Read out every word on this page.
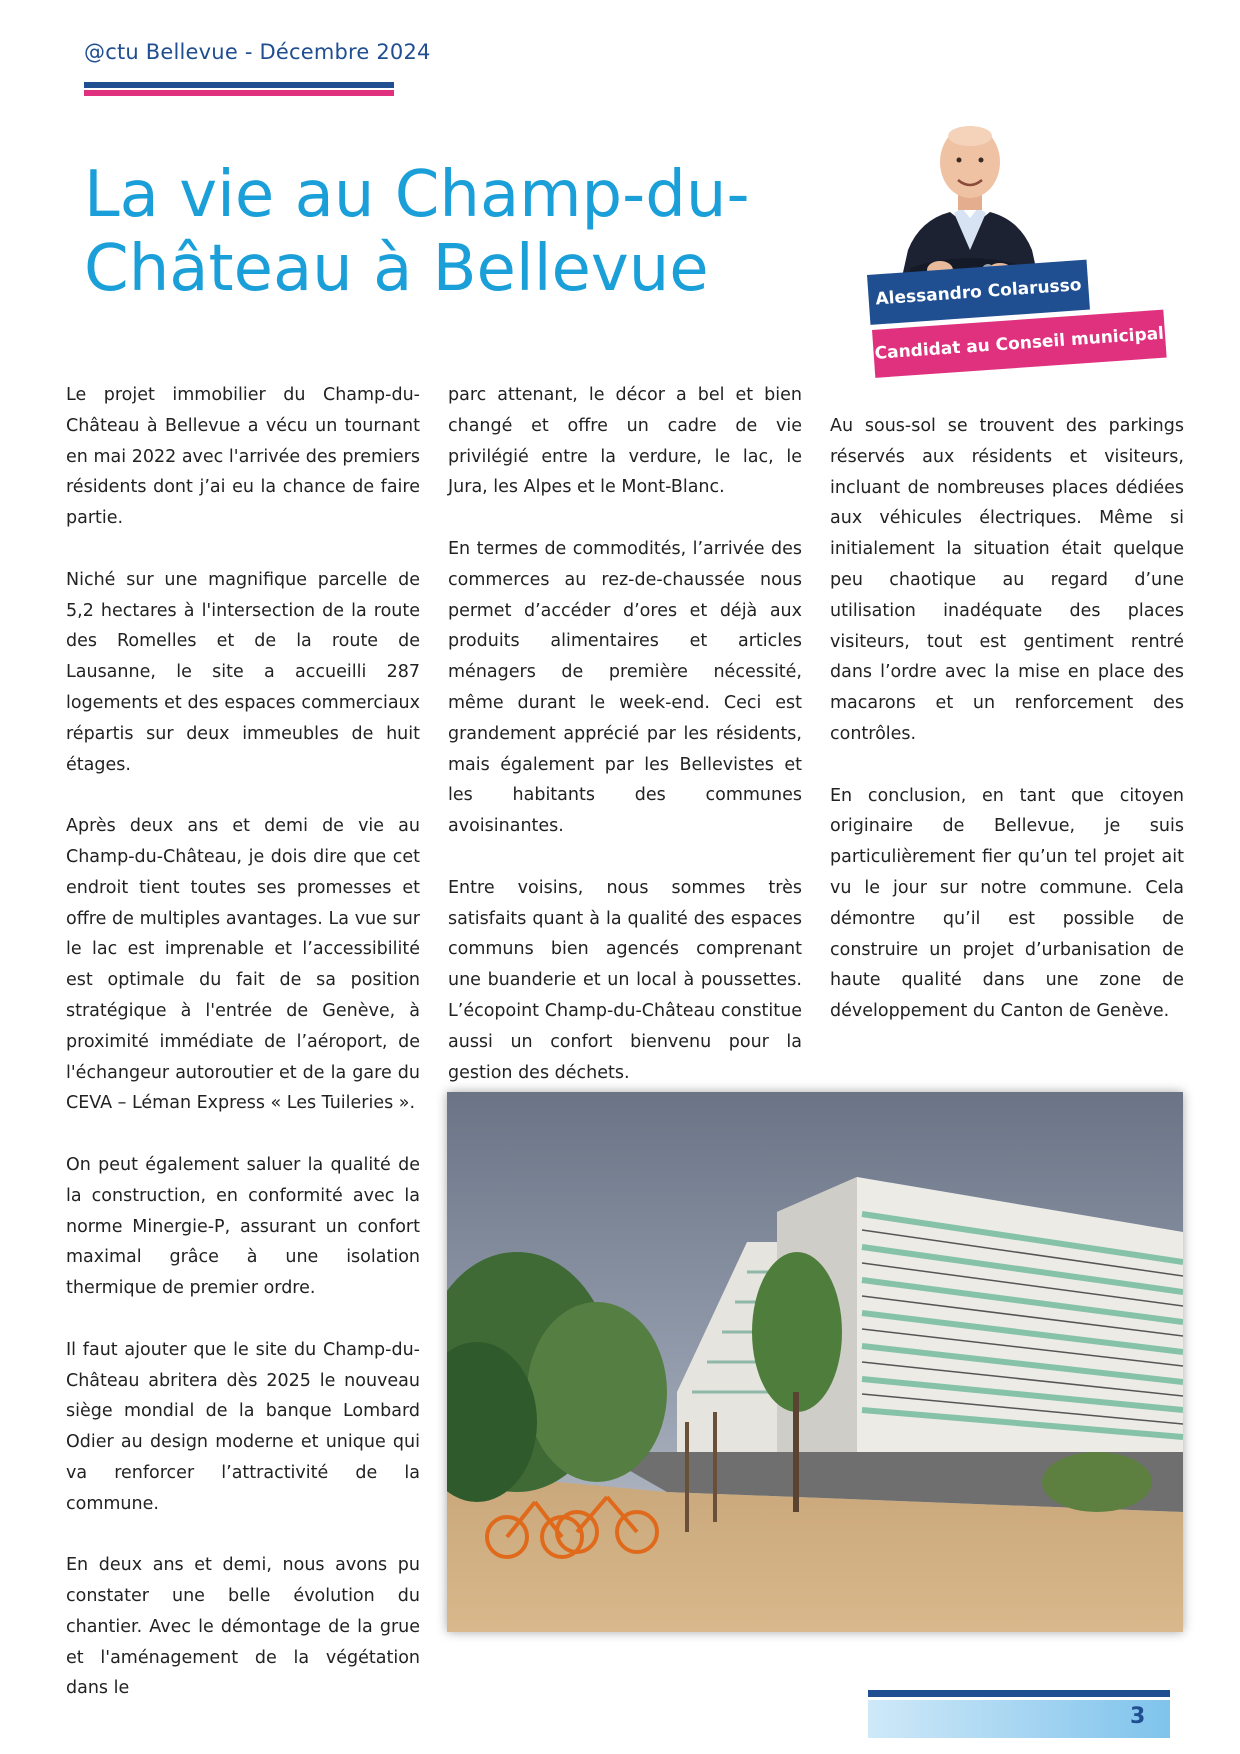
@ctu Bellevue - Décembre 2024
La vie au Champ-du-
Château à Bellevue	Alessandro Colarusso
Candidat au Conseil municipal

Le projet immobilier du Champ-du-Château à Bellevue a vécu un tournant en mai 2022 avec l'arrivée des premiers résidents dont j’ai eu la chance de faire partie.

Niché sur une magnifique parcelle de 5,2 hectares à l'intersection de la route des Romelles et de la route de Lausanne, le site a accueilli 287 logements et des espaces commerciaux répartis sur deux immeubles de huit étages.

Après deux ans et demi de vie au Champ-du-Château, je dois dire que cet endroit tient toutes ses promesses et offre de multiples avantages. La vue sur le lac est imprenable et l’accessibilité est optimale du fait de sa position stratégique à l'entrée de Genève, à proximité immédiate de l’aéroport, de l'échangeur autoroutier et de la gare du CEVA – Léman Express « Les Tuileries ».

On peut également saluer la qualité de la construction, en conformité avec la norme Minergie-P, assurant un confort maximal grâce à une isolation thermique de premier ordre.

Il faut ajouter que le site du Champ-du-Château abritera dès 2025 le nouveau siège mondial de la banque Lombard Odier au design moderne et unique qui va renforcer l’attractivité de la commune.

En deux ans et demi, nous avons pu constater une belle évolution du chantier. Avec le démontage de la grue et l'aménagement de la végétation dans le

parc attenant, le décor a bel et bien changé et offre un cadre de vie privilégié entre la verdure, le lac, le Jura, les Alpes et le Mont-Blanc.

En termes de commodités, l’arrivée des commerces au rez-de-chaussée nous permet d’accéder d’ores et déjà aux produits alimentaires et articles ménagers de première nécessité, même durant le week-end. Ceci est grandement apprécié par les résidents, mais également par les Bellevistes et les habitants des communes avoisinantes.

Entre voisins, nous sommes très satisfaits quant à la qualité des espaces communs bien agencés comprenant une buanderie et un local à poussettes. L’écopoint Champ-du-Château constitue aussi un confort bienvenu pour la gestion des déchets.

Au sous-sol se trouvent des parkings réservés aux résidents et visiteurs, incluant de nombreuses places dédiées aux véhicules électriques. Même si initialement la situation était quelque peu chaotique au regard d’une utilisation inadéquate des places visiteurs, tout est gentiment rentré dans l’ordre avec la mise en place des macarons et un renforcement des contrôles.

En conclusion, en tant que citoyen originaire de Bellevue, je suis particulièrement fier qu’un tel projet ait vu le jour sur notre commune. Cela démontre qu’il est possible de construire un projet d’urbanisation de haute qualité dans une zone de développement du Canton de Genève.

3
